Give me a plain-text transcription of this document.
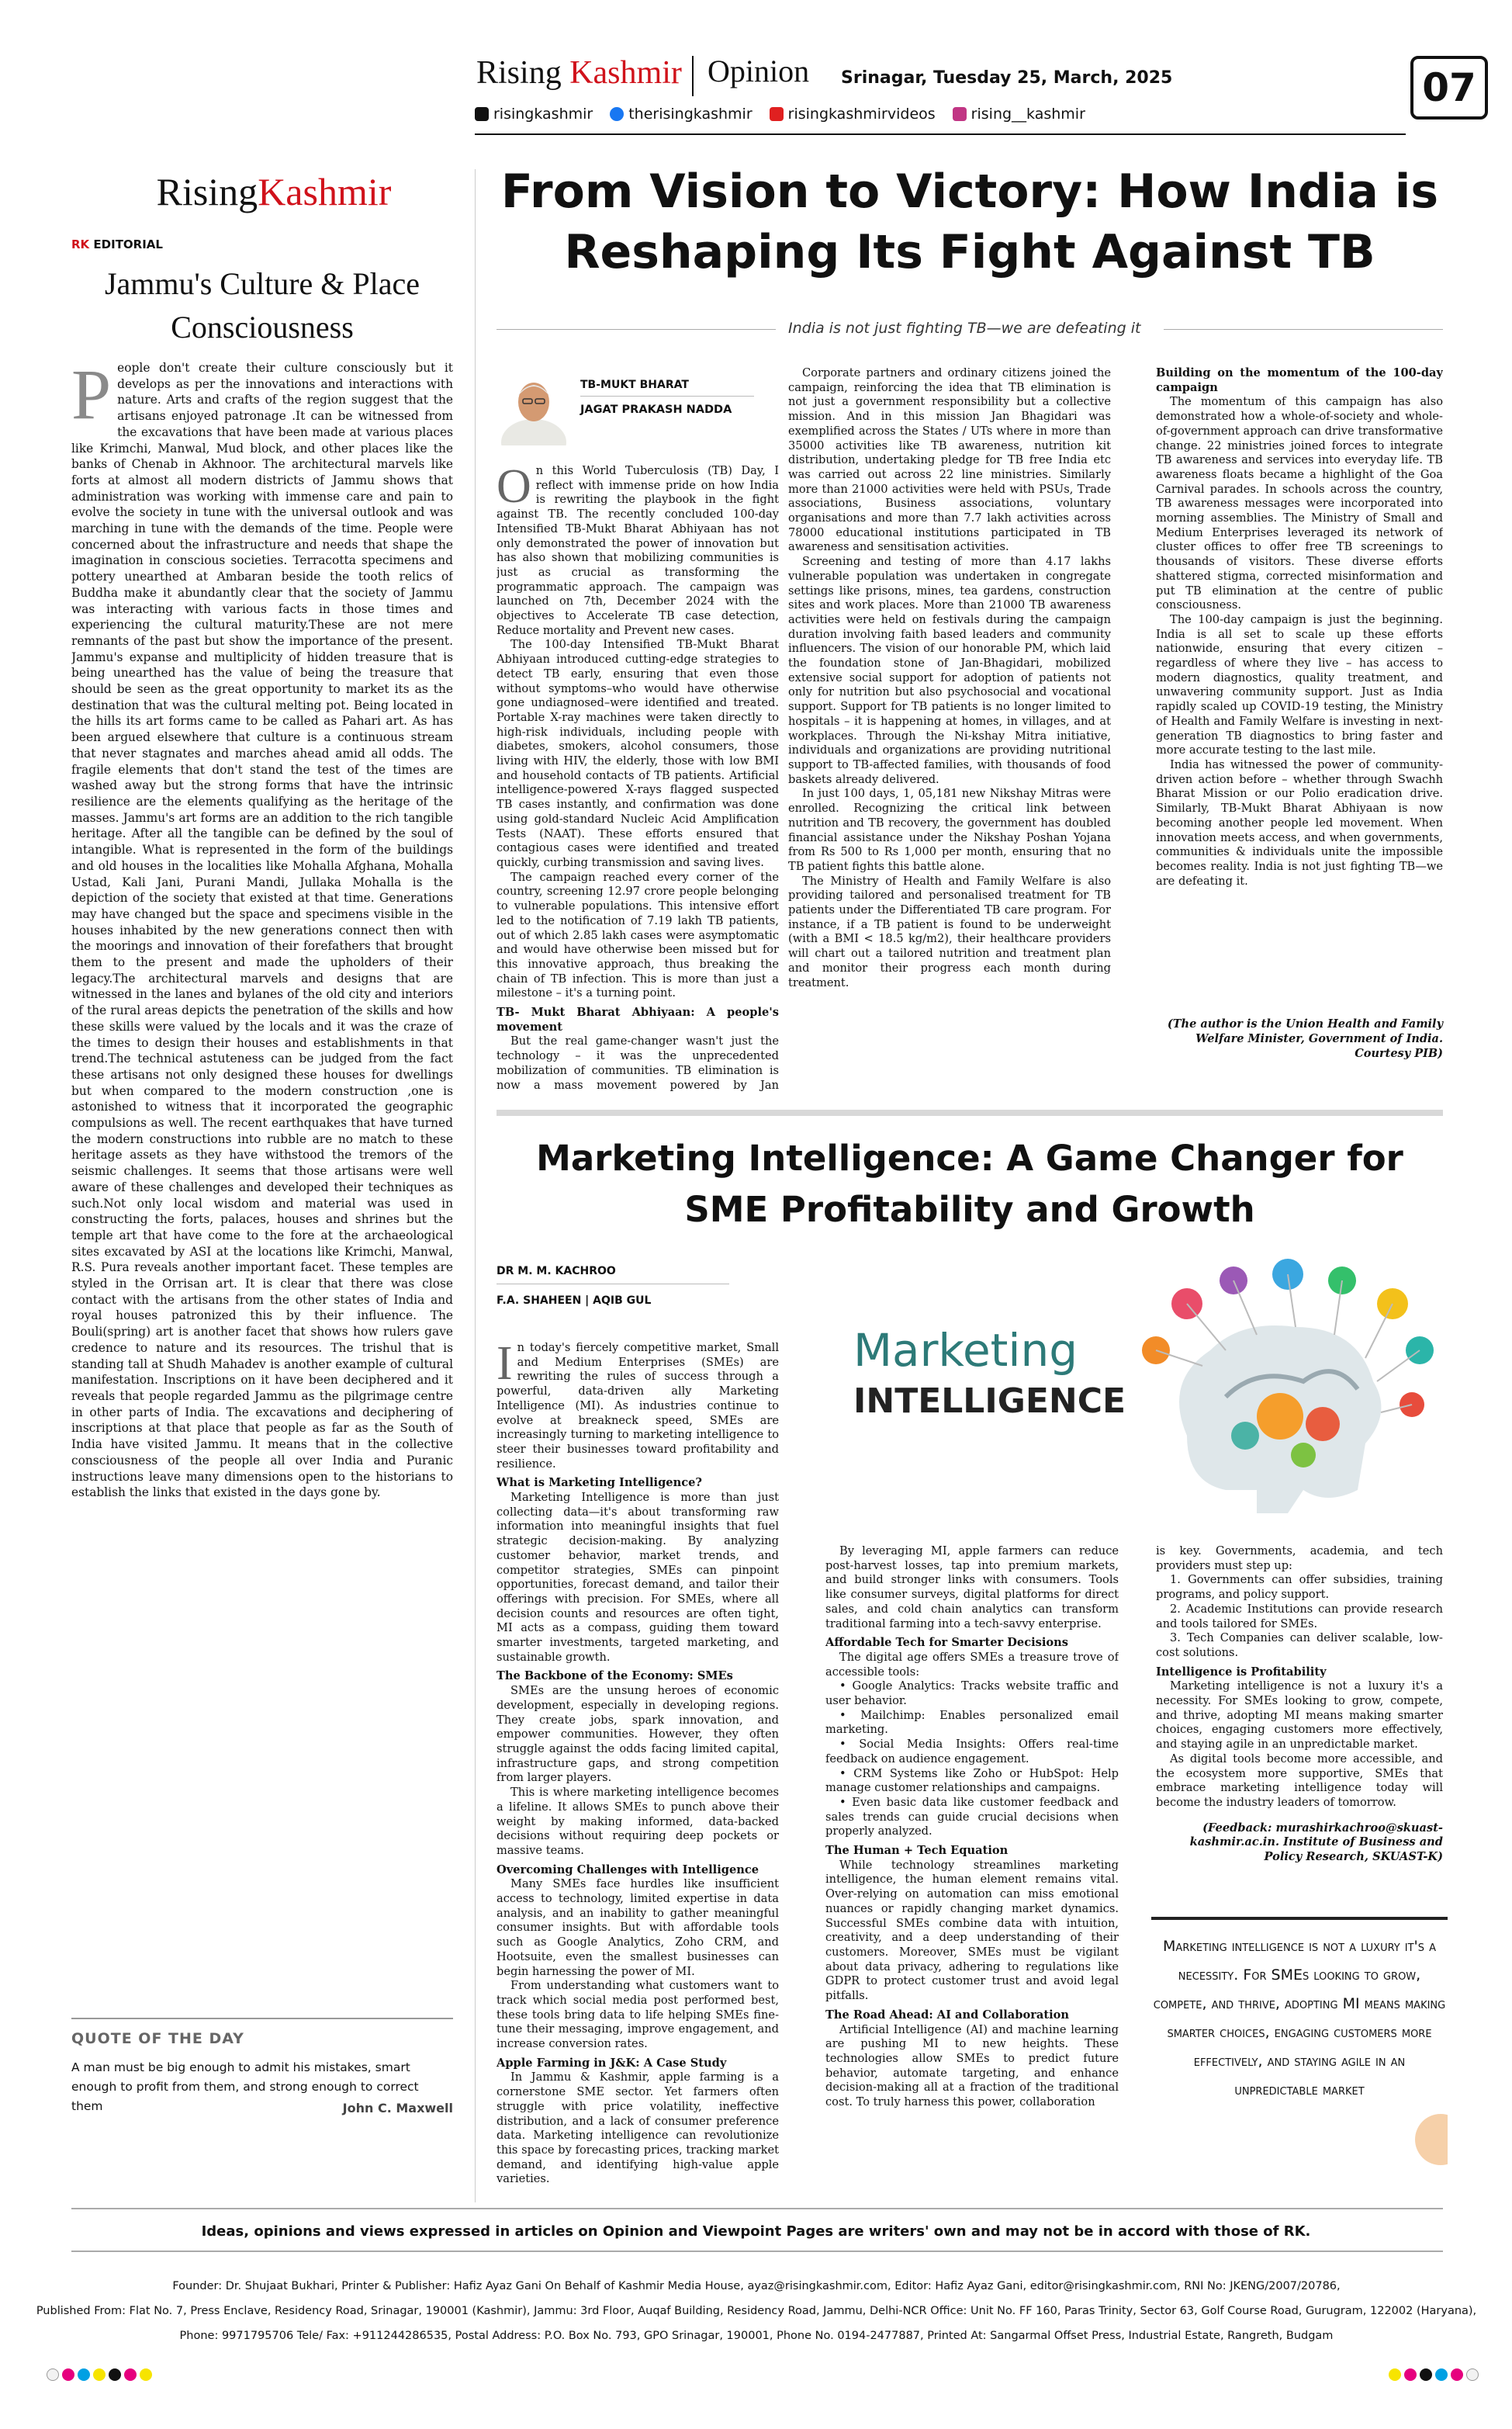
Rising Kashmir Opinion Srinagar, Tuesday 25, March, 2025	07
risingkashmir	therisingkashmir	risingkashmirvideos	rising__kashmir
RisingKashmir
RK EDITORIAL
Jammu's Culture & Place Consciousness
People don't create their culture consciously but it develops as per the innovations and interactions with nature. Arts and crafts of the region suggest that the artisans enjoyed patronage .It can be witnessed from the excavations that have been made at various places like Krimchi, Manwal, Mud block, and other places like the banks of Chenab in Akhnoor. The architectural marvels like forts at almost all modern districts of Jammu shows that administration was working with immense care and pain to evolve the society in tune with the universal outlook and was marching in tune with the demands of the time. People were concerned about the infrastructure and needs that shape the imagination in conscious societies. Terracotta specimens and pottery unearthed at Ambaran beside the tooth relics of Buddha make it abundantly clear that the society of Jammu was interacting with various facts in those times and experiencing the cultural maturity.These are not mere remnants of the past but show the importance of the present. Jammu's expanse and multiplicity of hidden treasure that is being unearthed has the value of being the treasure that should be seen as the great opportunity to market its as the destination that was the cultural melting pot. Being located in the hills its art forms came to be called as Pahari art. As has been argued elsewhere that culture is a continuous stream that never stagnates and marches ahead amid all odds. The fragile elements that don't stand the test of the times are washed away but the strong forms that have the intrinsic resilience are the elements qualifying as the heritage of the masses. Jammu's art forms are an addition to the rich tangible heritage. After all the tangible can be defined by the soul of intangible. What is represented in the form of the buildings and old houses in the localities like Mohalla Afghana, Mohalla Ustad, Kali Jani, Purani Mandi, Jullaka Mohalla is the depiction of the society that existed at that time. Generations may have changed but the space and specimens visible in the houses inhabited by the new generations connect then with the moorings and innovation of their forefathers that brought them to the present and made the upholders of their legacy.The architectural marvels and designs that are witnessed in the lanes and bylanes of the old city and interiors of the rural areas depicts the penetration of the skills and how these skills were valued by the locals and it was the craze of the times to design their houses and establishments in that trend.The technical astuteness can be judged from the fact these artisans not only designed these houses for dwellings but when compared to the modern construction ,one is astonished to witness that it incorporated the geographic compulsions as well. The recent earthquakes that have turned the modern constructions into rubble are no match to these heritage assets as they have withstood the tremors of the seismic challenges. It seems that those artisans were well aware of these challenges and developed their techniques as such.Not only local wisdom and material was used in constructing the forts, palaces, houses and shrines but the temple art that have come to the fore at the archaeological sites excavated by ASI at the locations like Krimchi, Manwal, R.S. Pura reveals another important facet. These temples are styled in the Orrisan art. It is clear that there was close contact with the artisans from the other states of India and royal houses patronized this by their influence. The Bouli(spring) art is another facet that shows how rulers gave credence to nature and its resources. The trishul that is standing tall at Shudh Mahadev is another example of cultural manifestation. Inscriptions on it have been deciphered and it reveals that people regarded Jammu as the pilgrimage centre in other parts of India. The excavations and deciphering of inscriptions at that place that people as far as the South of India have visited Jammu. It means that in the collective consciousness of the people all over India and Puranic instructions leave many dimensions open to the historians to establish the links that existed in the days gone by.
QUOTE OF THE DAY

A man must be big enough to admit his mistakes, smart enough to profit from them, and strong enough to correct them	John C. Maxwell
From Vision to Victory: How India is Reshaping Its Fight Against TB
India is not just fighting TB—we are defeating it
TB-MUKT BHARAT
JAGAT PRAKASH NADDA

On this World Tuberculosis (TB) Day, I reflect with immense pride on how India is rewriting the playbook in the fight against TB. The recently concluded 100-day Intensified TB-Mukt Bharat Abhiyaan has not only demonstrated the power of innovation but has also shown that mobilizing communities is just as crucial as transforming the programmatic approach. The campaign was launched on 7th, December 2024 with the objectives to Accelerate TB case detection, Reduce mortality and Prevent new cases.

The 100-day Intensified TB-Mukt Bharat Abhiyaan introduced cutting-edge strategies to detect TB early, ensuring that even those without symptoms–who would have otherwise gone undiagnosed–were identified and treated. Portable X-ray machines were taken directly to high-risk individuals, including people with diabetes, smokers, alcohol consumers, those living with HIV, the elderly, those with low BMI and household contacts of TB patients. Artificial intelligence-powered X-rays flagged suspected TB cases instantly, and confirmation was done using gold-standard Nucleic Acid Amplification Tests (NAAT). These efforts ensured that contagious cases were identified and treated quickly, curbing transmission and saving lives.

The campaign reached every corner of the country, screening 12.97 crore people belonging to vulnerable populations. This intensive effort led to the notification of 7.19 lakh TB patients, out of which 2.85 lakh cases were asymptomatic and would have otherwise been missed but for this innovative approach, thus breaking the chain of TB infection. This is more than just a milestone – it's a turning point.

TB- Mukt Bharat Abhiyaan: A people's movement

But the real game-changer wasn't just the technology – it was the unprecedented mobilization of communities. TB elimination is now a mass movement powered by Jan

Corporate partners and ordinary citizens joined the campaign, reinforcing the idea that TB elimination is not just a government responsibility but a collective mission. And in this mission Jan Bhagidari was exemplified across the States / UTs where in more than 35000 activities like TB awareness, nutrition kit distribution, undertaking pledge for TB free India etc was carried out across 22 line ministries. Similarly more than 21000 activities were held with PSUs, Trade associations, Business associations, voluntary organisations and more than 7.7 lakh activities across 78000 educational institutions participated in TB awareness and sensitisation activities.

Screening and testing of more than 4.17 lakhs vulnerable population was undertaken in congregate settings like prisons, mines, tea gardens, construction sites and work places. More than 21000 TB awareness activities were held on festivals during the campaign duration involving faith based leaders and community influencers. The vision of our honorable PM, which laid the foundation stone of Jan-Bhagidari, mobilized extensive social support for adoption of patients not only for nutrition but also psychosocial and vocational support. Support for TB patients is no longer limited to hospitals – it is happening at homes, in villages, and at workplaces. Through the Ni-kshay Mitra initiative, individuals and organizations are providing nutritional support to TB-affected families, with thousands of food baskets already delivered.

In just 100 days, 1, 05,181 new Nikshay Mitras were enrolled. Recognizing the critical link between nutrition and TB recovery, the government has doubled financial assistance under the Nikshay Poshan Yojana from Rs 500 to Rs 1,000 per month, ensuring that no TB patient fights this battle alone.

The Ministry of Health and Family Welfare is also providing tailored and personalised treatment for TB patients under the Differentiated TB care program. For instance, if a TB patient is found to be underweight (with a BMI < 18.5 kg/m2), their healthcare providers will chart out a tailored nutrition and treatment plan and monitor their progress each month during treatment.

Building on the momentum of the 100-day campaign

The momentum of this campaign has also demonstrated how a whole-of-society and whole-of-government approach can drive transformative change. 22 ministries joined forces to integrate TB awareness and services into everyday life. TB awareness floats became a highlight of the Goa Carnival parades. In schools across the country, TB awareness messages were incorporated into morning assemblies. The Ministry of Small and Medium Enterprises leveraged its network of cluster offices to offer free TB screenings to thousands of visitors. These diverse efforts shattered stigma, corrected misinformation and put TB elimination at the centre of public consciousness.

The 100-day campaign is just the beginning. India is all set to scale up these efforts nationwide, ensuring that every citizen – regardless of where they live – has access to modern diagnostics, quality treatment, and unwavering community support. Just as India rapidly scaled up COVID-19 testing, the Ministry of Health and Family Welfare is investing in next-generation TB diagnostics to bring faster and more accurate testing to the last mile.

India has witnessed the power of community-driven action before – whether through Swachh Bharat Mission or our Polio eradication drive. Similarly, TB-Mukt Bharat Abhiyaan is now becoming another people led movement. When innovation meets access, and when governments, communities & individuals unite the impossible becomes reality. India is not just fighting TB—we are defeating it.

(The author is the Union Health and Family Welfare Minister, Government of India. Courtesy PIB)
Marketing Intelligence: A Game Changer for SME Profitability and Growth
DR M. M. KACHROO
F.A. SHAHEEN | AQIB GUL
Marketing
INTELLIGENCE

In today's fiercely competitive market, Small and Medium Enterprises (SMEs) are rewriting the rules of success through a powerful, data-driven ally Marketing Intelligence (MI). As industries continue to evolve at breakneck speed, SMEs are increasingly turning to marketing intelligence to steer their businesses toward profitability and resilience.

What is Marketing Intelligence?

Marketing Intelligence is more than just collecting data—it's about transforming raw information into meaningful insights that fuel strategic decision-making. By analyzing customer behavior, market trends, and competitor strategies, SMEs can pinpoint opportunities, forecast demand, and tailor their offerings with precision. For SMEs, where all decision counts and resources are often tight, MI acts as a compass, guiding them toward smarter investments, targeted marketing, and sustainable growth.

The Backbone of the Economy: SMEs

SMEs are the unsung heroes of economic development, especially in developing regions. They create jobs, spark innovation, and empower communities. However, they often struggle against the odds facing limited capital, infrastructure gaps, and strong competition from larger players.

This is where marketing intelligence becomes a lifeline. It allows SMEs to punch above their weight by making informed, data-backed decisions without requiring deep pockets or massive teams.

Overcoming Challenges with Intelligence

Many SMEs face hurdles like insufficient access to technology, limited expertise in data analysis, and an inability to gather meaningful consumer insights. But with affordable tools such as Google Analytics, Zoho CRM, and Hootsuite, even the smallest businesses can begin harnessing the power of MI.

From understanding what customers want to track which social media post performed best, these tools bring data to life helping SMEs fine-tune their messaging, improve engagement, and increase conversion rates.

Apple Farming in J&K: A Case Study

In Jammu & Kashmir, apple farming is a cornerstone SME sector. Yet farmers often struggle with price volatility, ineffective distribution, and a lack of consumer preference data. Marketing intelligence can revolutionize this space by forecasting prices, tracking market demand, and identifying high-value apple varieties.

By leveraging MI, apple farmers can reduce post-harvest losses, tap into premium markets, and build stronger links with consumers. Tools like consumer surveys, digital platforms for direct sales, and cold chain analytics can transform traditional farming into a tech-savvy enterprise.

Affordable Tech for Smarter Decisions

The digital age offers SMEs a treasure trove of accessible tools:

• Google Analytics: Tracks website traffic and user behavior.

• Mailchimp: Enables personalized email marketing.

• Social Media Insights: Offers real-time feedback on audience engagement.

• CRM Systems like Zoho or HubSpot: Help manage customer relationships and campaigns.

• Even basic data like customer feedback and sales trends can guide crucial decisions when properly analyzed.

The Human + Tech Equation

While technology streamlines marketing intelligence, the human element remains vital. Over-relying on automation can miss emotional nuances or rapidly changing market dynamics. Successful SMEs combine data with intuition, creativity, and a deep understanding of their customers. Moreover, SMEs must be vigilant about data privacy, adhering to regulations like GDPR to protect customer trust and avoid legal pitfalls.

The Road Ahead: AI and Collaboration

Artificial Intelligence (AI) and machine learning are pushing MI to new heights. These technologies allow SMEs to predict future behavior, automate targeting, and enhance decision-making all at a fraction of the traditional cost. To truly harness this power, collaboration

is key. Governments, academia, and tech providers must step up:

1. Governments can offer subsidies, training programs, and policy support.

2. Academic Institutions can provide research and tools tailored for SMEs.

3. Tech Companies can deliver scalable, low-cost solutions.

Intelligence is Profitability

Marketing intelligence is not a luxury it's a necessity. For SMEs looking to grow, compete, and thrive, adopting MI means making smarter choices, engaging customers more effectively, and staying agile in an unpredictable market.

As digital tools become more accessible, and the ecosystem more supportive, SMEs that embrace marketing intelligence today will become the industry leaders of tomorrow.

(Feedback: murashirkachroo@skuast-kashmir.ac.in. Institute of Business and Policy Research, SKUAST-K)

Marketing intelligence is not a luxury it's a necessity. For SMEs looking to grow, compete, and thrive, adopting MI means making smarter choices, engaging customers more effectively, and staying agile in an unpredictable market
Ideas, opinions and views expressed in articles on Opinion and Viewpoint Pages are writers' own and may not be in accord with those of RK.
Founder: Dr. Shujaat Bukhari, Printer & Publisher: Hafiz Ayaz Gani On Behalf of Kashmir Media House, ayaz@risingkashmir.com, Editor: Hafiz Ayaz Gani, editor@risingkashmir.com, RNI No: JKENG/2007/20786,
Published From: Flat No. 7, Press Enclave, Residency Road, Srinagar, 190001 (Kashmir), Jammu: 3rd Floor, Auqaf Building, Residency Road, Jammu, Delhi-NCR Office: Unit No. FF 160, Paras Trinity, Sector 63, Golf Course Road, Gurugram, 122002 (Haryana),
Phone: 9971795706 Tele/ Fax: +911244286535, Postal Address: P.O. Box No. 793, GPO Srinagar, 190001, Phone No. 0194-2477887, Printed At: Sangarmal Offset Press, Industrial Estate, Rangreth, Budgam
